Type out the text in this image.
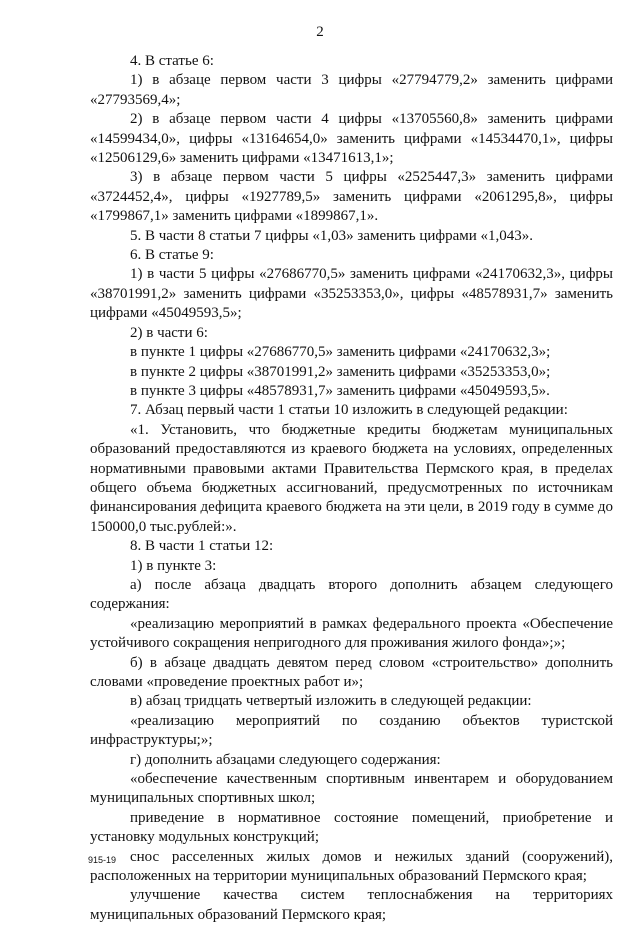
2

4. В статье 6:

1) в абзаце первом части 3 цифры «27794779,2» заменить цифрами «27793569,4»;

2) в абзаце первом части 4 цифры «13705560,8» заменить цифрами «14599434,0», цифры «13164654,0» заменить цифрами «14534470,1», цифры «12506129,6» заменить цифрами «13471613,1»;

3) в абзаце первом части 5 цифры «2525447,3» заменить цифрами «3724452,4», цифры «1927789,5» заменить цифрами «2061295,8», цифры «1799867,1» заменить цифрами «1899867,1».

5. В части 8 статьи 7 цифры «1,03» заменить цифрами «1,043».

6. В статье 9:

1) в части 5 цифры «27686770,5» заменить цифрами «24170632,3», цифры «38701991,2» заменить цифрами «35253353,0», цифры «48578931,7» заменить цифрами «45049593,5»;

2) в части 6:

в пункте 1 цифры «27686770,5» заменить цифрами «24170632,3»;

в пункте 2 цифры «38701991,2» заменить цифрами «35253353,0»;

в пункте 3 цифры «48578931,7» заменить цифрами «45049593,5».

7. Абзац первый части 1 статьи 10 изложить в следующей редакции:

«1. Установить, что бюджетные кредиты бюджетам муниципальных образований предоставляются из краевого бюджета на условиях, определенных нормативными правовыми актами Правительства Пермского края, в пределах общего объема бюджетных ассигнований, предусмотренных по источникам финансирования дефицита краевого бюджета на эти цели, в 2019 году в сумме до 150000,0 тыс.рублей:».

8. В части 1 статьи 12:

1) в пункте 3:

а) после абзаца двадцать второго дополнить абзацем следующего содержания:

«реализацию мероприятий в рамках федерального проекта «Обеспечение устойчивого сокращения непригодного для проживания жилого фонда»;»;

б) в абзаце двадцать девятом перед словом «строительство» дополнить словами «проведение проектных работ и»;

в) абзац тридцать четвертый изложить в следующей редакции:

«реализацию мероприятий по созданию объектов туристской инфраструктуры;»;

г) дополнить абзацами следующего содержания:

«обеспечение качественным спортивным инвентарем и оборудованием муниципальных спортивных школ;

приведение в нормативное состояние помещений, приобретение и установку модульных конструкций;

снос расселенных жилых домов и нежилых зданий (сооружений), расположенных на территории муниципальных образований Пермского края;

улучшение качества систем теплоснабжения на территориях муниципальных образований Пермского края;

915-19
